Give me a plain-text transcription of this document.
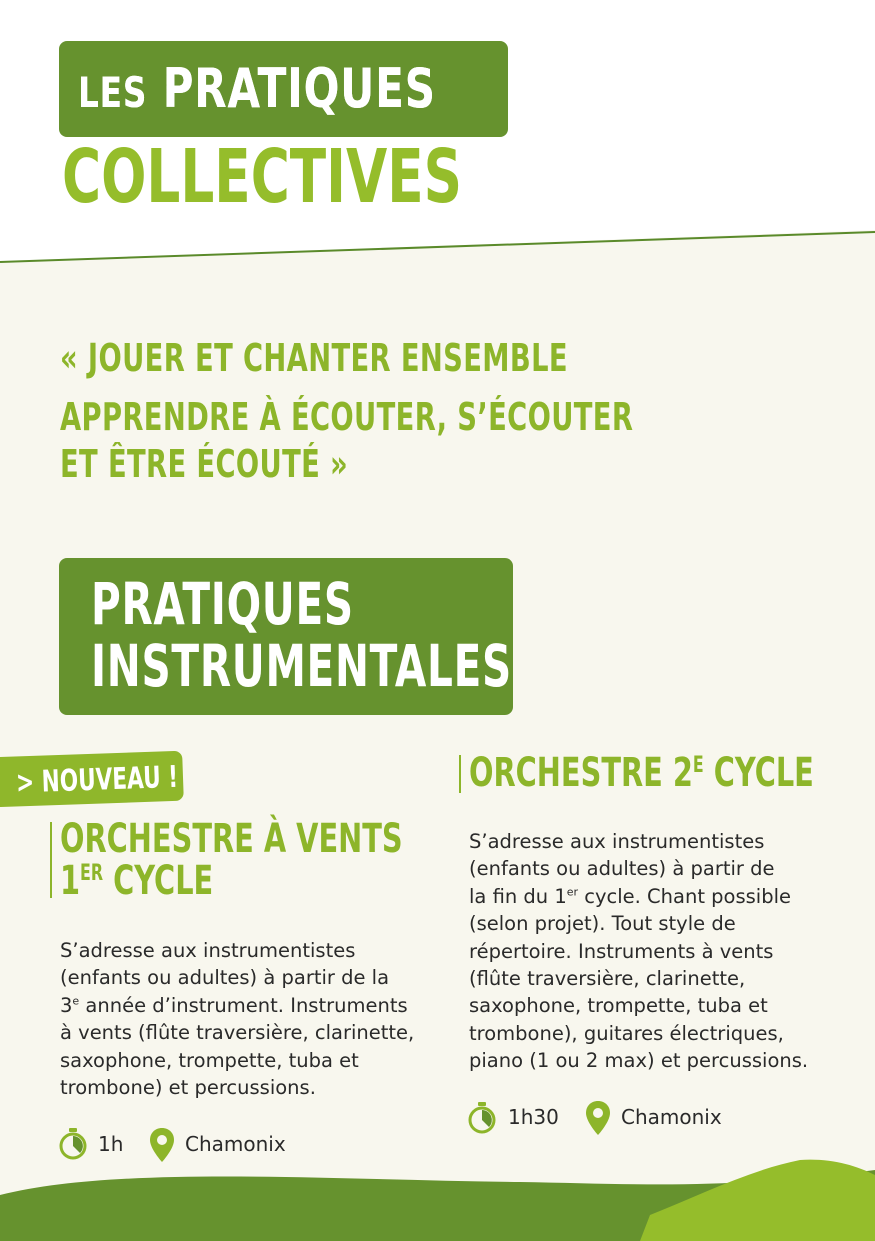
LES PRATIQUES
COLLECTIVES
« JOUER ET CHANTER ENSEMBLE
APPRENDRE À ÉCOUTER, S’ÉCOUTER
ET ÊTRE ÉCOUTÉ »
PRATIQUES
INSTRUMENTALES
> NOUVEAU !
ORCHESTRE À VENTS
1ER CYCLE
S’adresse aux instrumentistes
(enfants ou adultes) à partir de la
3e année d’instrument. Instruments
à vents (flûte traversière, clarinette,
saxophone, trompette, tuba et
trombone) et percussions.
1h	Chamonix
ORCHESTRE $2^E$ CYCLE
S’adresse aux instrumentistes
(enfants ou adultes) à partir de
la fin du 1er cycle. Chant possible
(selon projet). Tout style de
répertoire. Instruments à vents
(flûte traversière, clarinette,
saxophone, trompette, tuba et
trombone), guitares électriques,
piano (1 ou 2 max) et percussions.
1h30	Chamonix
